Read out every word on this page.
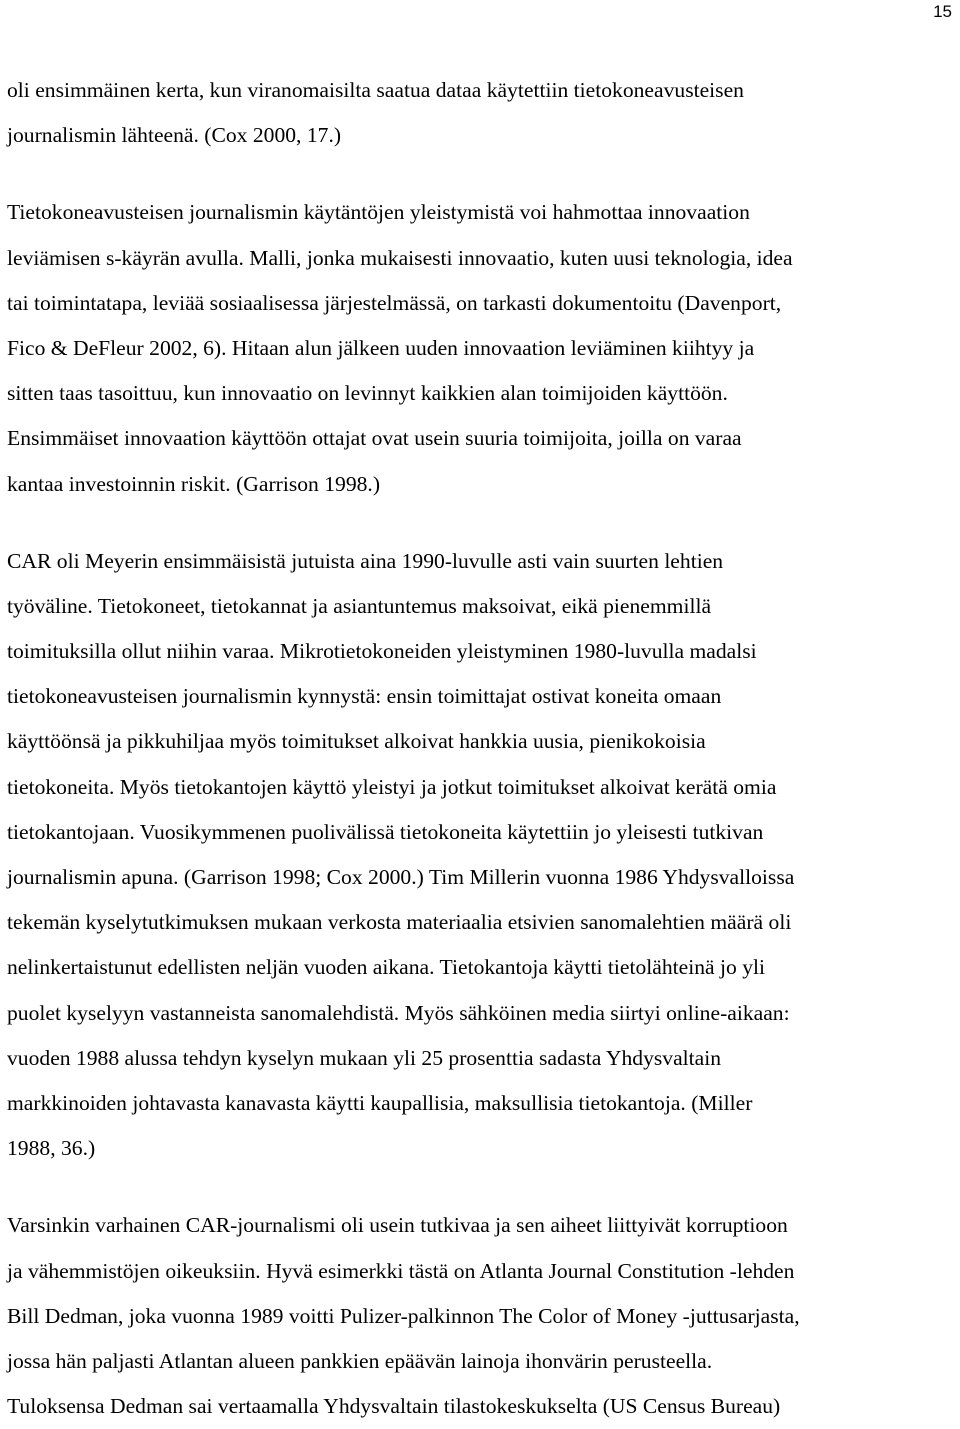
15
oli ensimmäinen kerta, kun viranomaisilta saatua dataa käytettiin tietokoneavusteisen
journalismin lähteenä. (Cox 2000, 17.)
Tietokoneavusteisen journalismin käytäntöjen yleistymistä voi hahmottaa innovaation
leviämisen s-käyrän avulla. Malli, jonka mukaisesti innovaatio, kuten uusi teknologia, idea
tai toimintatapa, leviää sosiaalisessa järjestelmässä, on tarkasti dokumentoitu (Davenport,
Fico & DeFleur 2002, 6). Hitaan alun jälkeen uuden innovaation leviäminen kiihtyy ja
sitten taas tasoittuu, kun innovaatio on levinnyt kaikkien alan toimijoiden käyttöön.
Ensimmäiset innovaation käyttöön ottajat ovat usein suuria toimijoita, joilla on varaa
kantaa investoinnin riskit. (Garrison 1998.)
CAR oli Meyerin ensimmäisistä jutuista aina 1990-luvulle asti vain suurten lehtien
työväline. Tietokoneet, tietokannat ja asiantuntemus maksoivat, eikä pienemmillä
toimituksilla ollut niihin varaa. Mikrotietokoneiden yleistyminen 1980-luvulla madalsi
tietokoneavusteisen journalismin kynnystä: ensin toimittajat ostivat koneita omaan
käyttöönsä ja pikkuhiljaa myös toimitukset alkoivat hankkia uusia, pienikokoisia
tietokoneita. Myös tietokantojen käyttö yleistyi ja jotkut toimitukset alkoivat kerätä omia
tietokantojaan. Vuosikymmenen puolivälissä tietokoneita käytettiin jo yleisesti tutkivan
journalismin apuna. (Garrison 1998; Cox 2000.) Tim Millerin vuonna 1986 Yhdysvalloissa
tekemän kyselytutkimuksen mukaan verkosta materiaalia etsivien sanomalehtien määrä oli
nelinkertaistunut edellisten neljän vuoden aikana. Tietokantoja käytti tietolähteinä jo yli
puolet kyselyyn vastanneista sanomalehdistä. Myös sähköinen media siirtyi online-aikaan:
vuoden 1988 alussa tehdyn kyselyn mukaan yli 25 prosenttia sadasta Yhdysvaltain
markkinoiden johtavasta kanavasta käytti kaupallisia, maksullisia tietokantoja. (Miller
1988, 36.)
Varsinkin varhainen CAR-journalismi oli usein tutkivaa ja sen aiheet liittyivät korruptioon
ja vähemmistöjen oikeuksiin. Hyvä esimerkki tästä on Atlanta Journal Constitution -lehden
Bill Dedman, joka vuonna 1989 voitti Pulizer-palkinnon The Color of Money -juttusarjasta,
jossa hän paljasti Atlantan alueen pankkien epäävän lainoja ihonvärin perusteella.
Tuloksensa Dedman sai vertaamalla Yhdysvaltain tilastokeskukselta (US Census Bureau)
